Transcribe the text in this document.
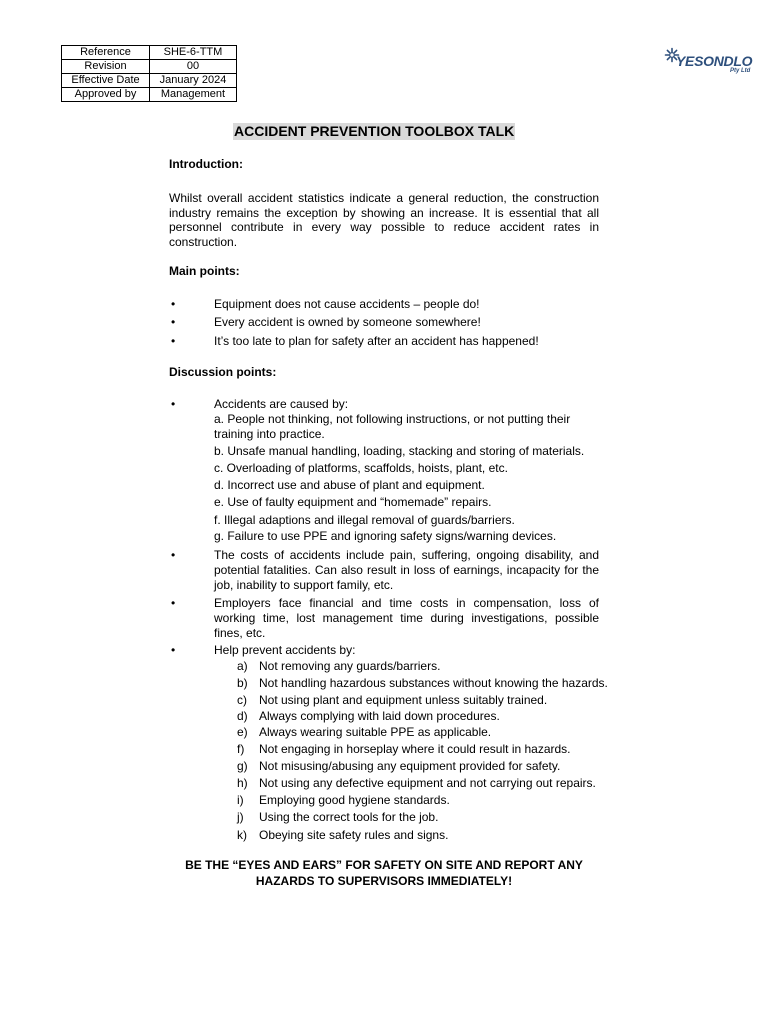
Reference	SHE-6-TTM
Revision	00
Effective Date	January 2024
Approved by	Management
YESONDLO
Pty Ltd
ACCIDENT PREVENTION TOOLBOX TALK
Introduction:
Whilst overall accident statistics indicate a general reduction, the construction industry remains the exception by showing an increase. It is essential that all personnel contribute in every way possible to reduce accident rates in construction.
Main points:
•	Equipment does not cause accidents – people do!
•	Every accident is owned by someone somewhere!
•	It’s too late to plan for safety after an accident has happened!
Discussion points:
•	Accidents are caused by:
a. People not thinking, not following instructions, or not putting their training into practice.
b. Unsafe manual handling, loading, stacking and storing of materials.
c. Overloading of platforms, scaffolds, hoists, plant, etc.
d. Incorrect use and abuse of plant and equipment.
e. Use of faulty equipment and “homemade” repairs.
f. Illegal adaptions and illegal removal of guards/barriers.
g. Failure to use PPE and ignoring safety signs/warning devices.
•	The costs of accidents include pain, suffering, ongoing disability, and potential fatalities. Can also result in loss of earnings, incapacity for the job, inability to support family, etc.
•	Employers face financial and time costs in compensation, loss of working time, lost management time during investigations, possible fines, etc.
•	Help prevent accidents by:
a) Not removing any guards/barriers.
b) Not handling hazardous substances without knowing the hazards.
c) Not using plant and equipment unless suitably trained.
d) Always complying with laid down procedures.
e) Always wearing suitable PPE as applicable.
f) Not engaging in horseplay where it could result in hazards.
g) Not misusing/abusing any equipment provided for safety.
h) Not using any defective equipment and not carrying out repairs.
i) Employing good hygiene standards.
j) Using the correct tools for the job.
k) Obeying site safety rules and signs.
BE THE “EYES AND EARS” FOR SAFETY ON SITE AND REPORT ANY
HAZARDS TO SUPERVISORS IMMEDIATELY!
